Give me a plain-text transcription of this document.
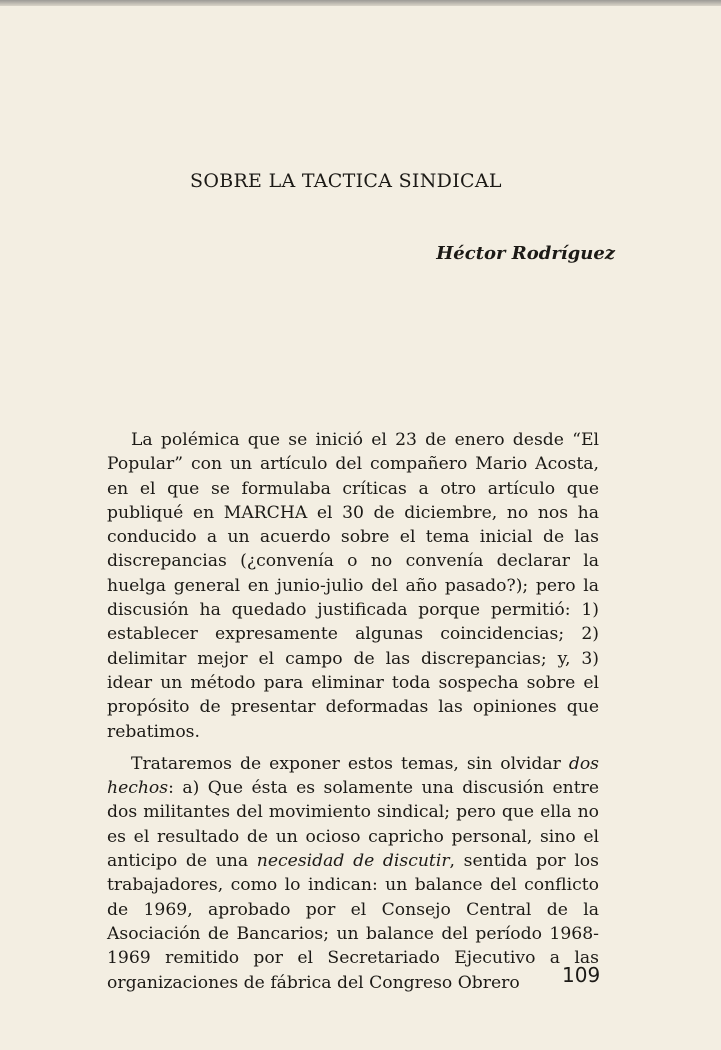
SOBRE LA TACTICA SINDICAL
Héctor Rodríguez

La polémica que se inició el 23 de enero desde “El Popular” con un artículo del compañero Mario Acosta, en el que se formulaba críticas a otro artículo que publiqué en MARCHA el 30 de diciembre, no nos ha conducido a un acuerdo sobre el tema inicial de las discrepancias (¿convenía o no convenía declarar la huelga general en junio-julio del año pasado?); pero la discusión ha quedado justificada porque permitió: 1) establecer expresamente algunas coincidencias; 2) delimitar mejor el campo de las discrepancias; y, 3) idear un método para eliminar toda sospecha sobre el propósito de presentar deformadas las opiniones que rebatimos.

Trataremos de exponer estos temas, sin olvidar dos hechos: a) Que ésta es solamente una discusión entre dos militantes del movimiento sindical; pero que ella no es el resultado de un ocioso capricho personal, sino el anticipo de una necesidad de discutir, sentida por los trabajadores, como lo indican: un balance del conflicto de 1969, aprobado por el Consejo Central de la Asociación de Bancarios; un balance del período 1968-1969 remitido por el Secretariado Ejecutivo a las organizaciones de fábrica del Congreso Obrero	109
